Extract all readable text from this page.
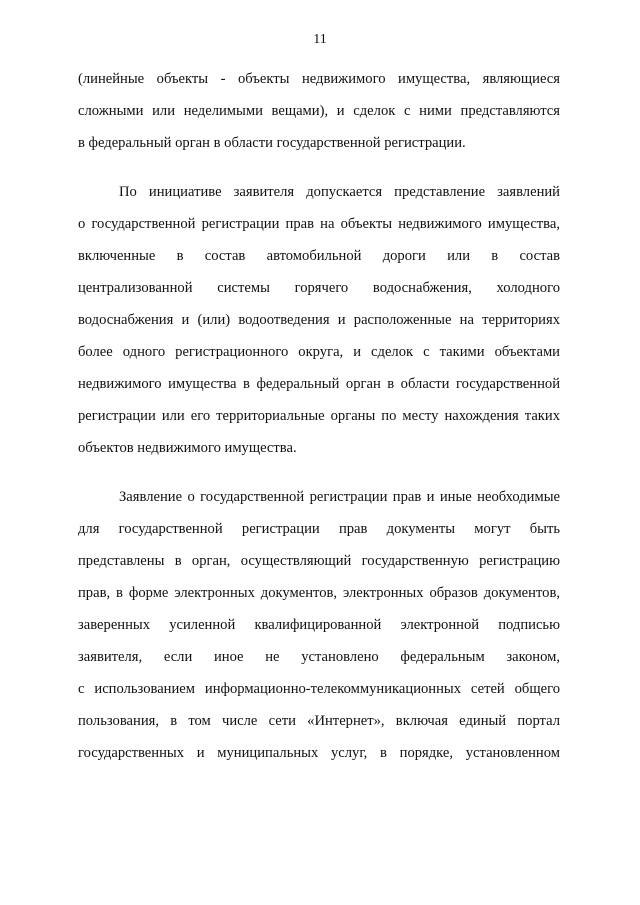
11
(линейные объекты - объекты недвижимого имущества, являющиеся
сложными или неделимыми вещами), и сделок с ними представляются
в федеральный орган в области государственной регистрации.
По инициативе заявителя допускается представление заявлений
о государственной регистрации прав на объекты недвижимого имущества,
включенные в состав автомобильной дороги или в состав
централизованной системы горячего водоснабжения, холодного
водоснабжения и (или) водоотведения и расположенные на территориях
более одного регистрационного округа, и сделок с такими объектами
недвижимого имущества в федеральный орган в области государственной
регистрации или его территориальные органы по месту нахождения таких
объектов недвижимого имущества.
Заявление о государственной регистрации прав и иные необходимые
для государственной регистрации прав документы могут быть
представлены в орган, осуществляющий государственную регистрацию
прав, в форме электронных документов, электронных образов документов,
заверенных усиленной квалифицированной электронной подписью
заявителя, если иное не установлено федеральным законом,
с использованием информационно-телекоммуникационных сетей общего
пользования, в том числе сети «Интернет», включая единый портал
государственных и муниципальных услуг, в порядке, установленном
